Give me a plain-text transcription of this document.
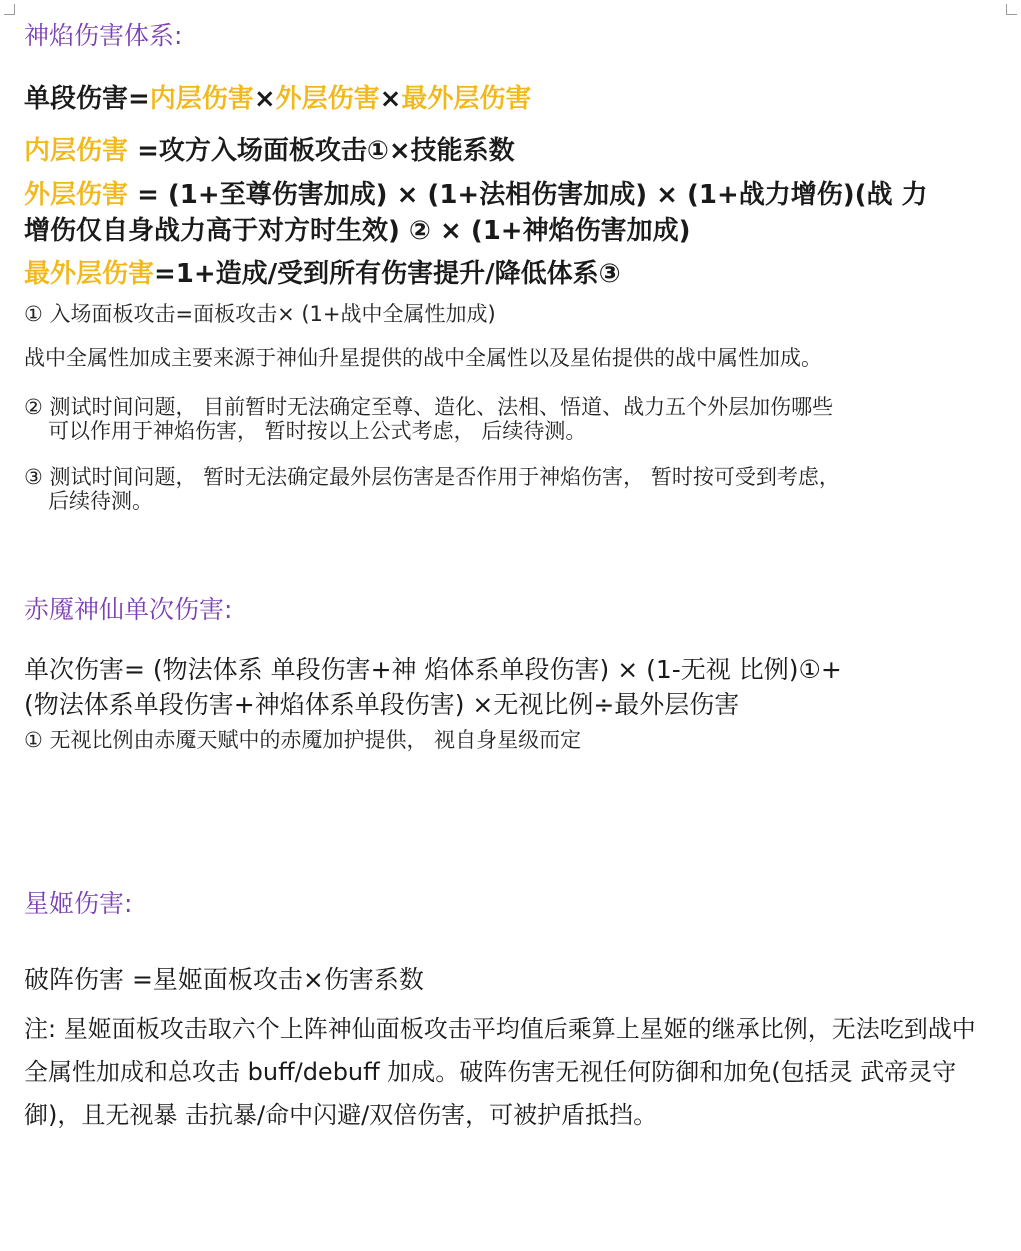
神焰伤害体系:
单段伤害=内层伤害×外层伤害×最外层伤害
内层伤害 =攻方入场面板攻击①×技能系数
外层伤害 = (1+至尊伤害加成) × (1+法相伤害加成) × (1+战力增伤)(战 力
增伤仅自身战力高于对方时生效) ② × (1+神焰伤害加成)
最外层伤害=1+造成/受到所有伤害提升/降低体系③
① 入场面板攻击=面板攻击× (1+战中全属性加成)
战中全属性加成主要来源于神仙升星提供的战中全属性以及星佑提供的战中属性加成。
② 测试时间问题， 目前暂时无法确定至尊、造化、法相、悟道、战力五个外层加伤哪些
可以作用于神焰伤害， 暂时按以上公式考虑， 后续待测。
③ 测试时间问题， 暂时无法确定最外层伤害是否作用于神焰伤害， 暂时按可受到考虑，
后续待测。
赤魇神仙单次伤害:
单次伤害= (物法体系 单段伤害+神 焰体系单段伤害) × (1-无视 比例)①+
(物法体系单段伤害+神焰体系单段伤害) ×无视比例÷最外层伤害
① 无视比例由赤魇天赋中的赤魇加护提供， 视自身星级而定
星姬伤害:
破阵伤害 =星姬面板攻击×伤害系数
注: 星姬面板攻击取六个上阵神仙面板攻击平均值后乘算上星姬的继承比例，无法吃到战中全属性加成和总攻击 buff/debuff 加成。破阵伤害无视任何防御和加免(包括灵 武帝灵守御)，且无视暴 击抗暴/命中闪避/双倍伤害，可被护盾抵挡。
